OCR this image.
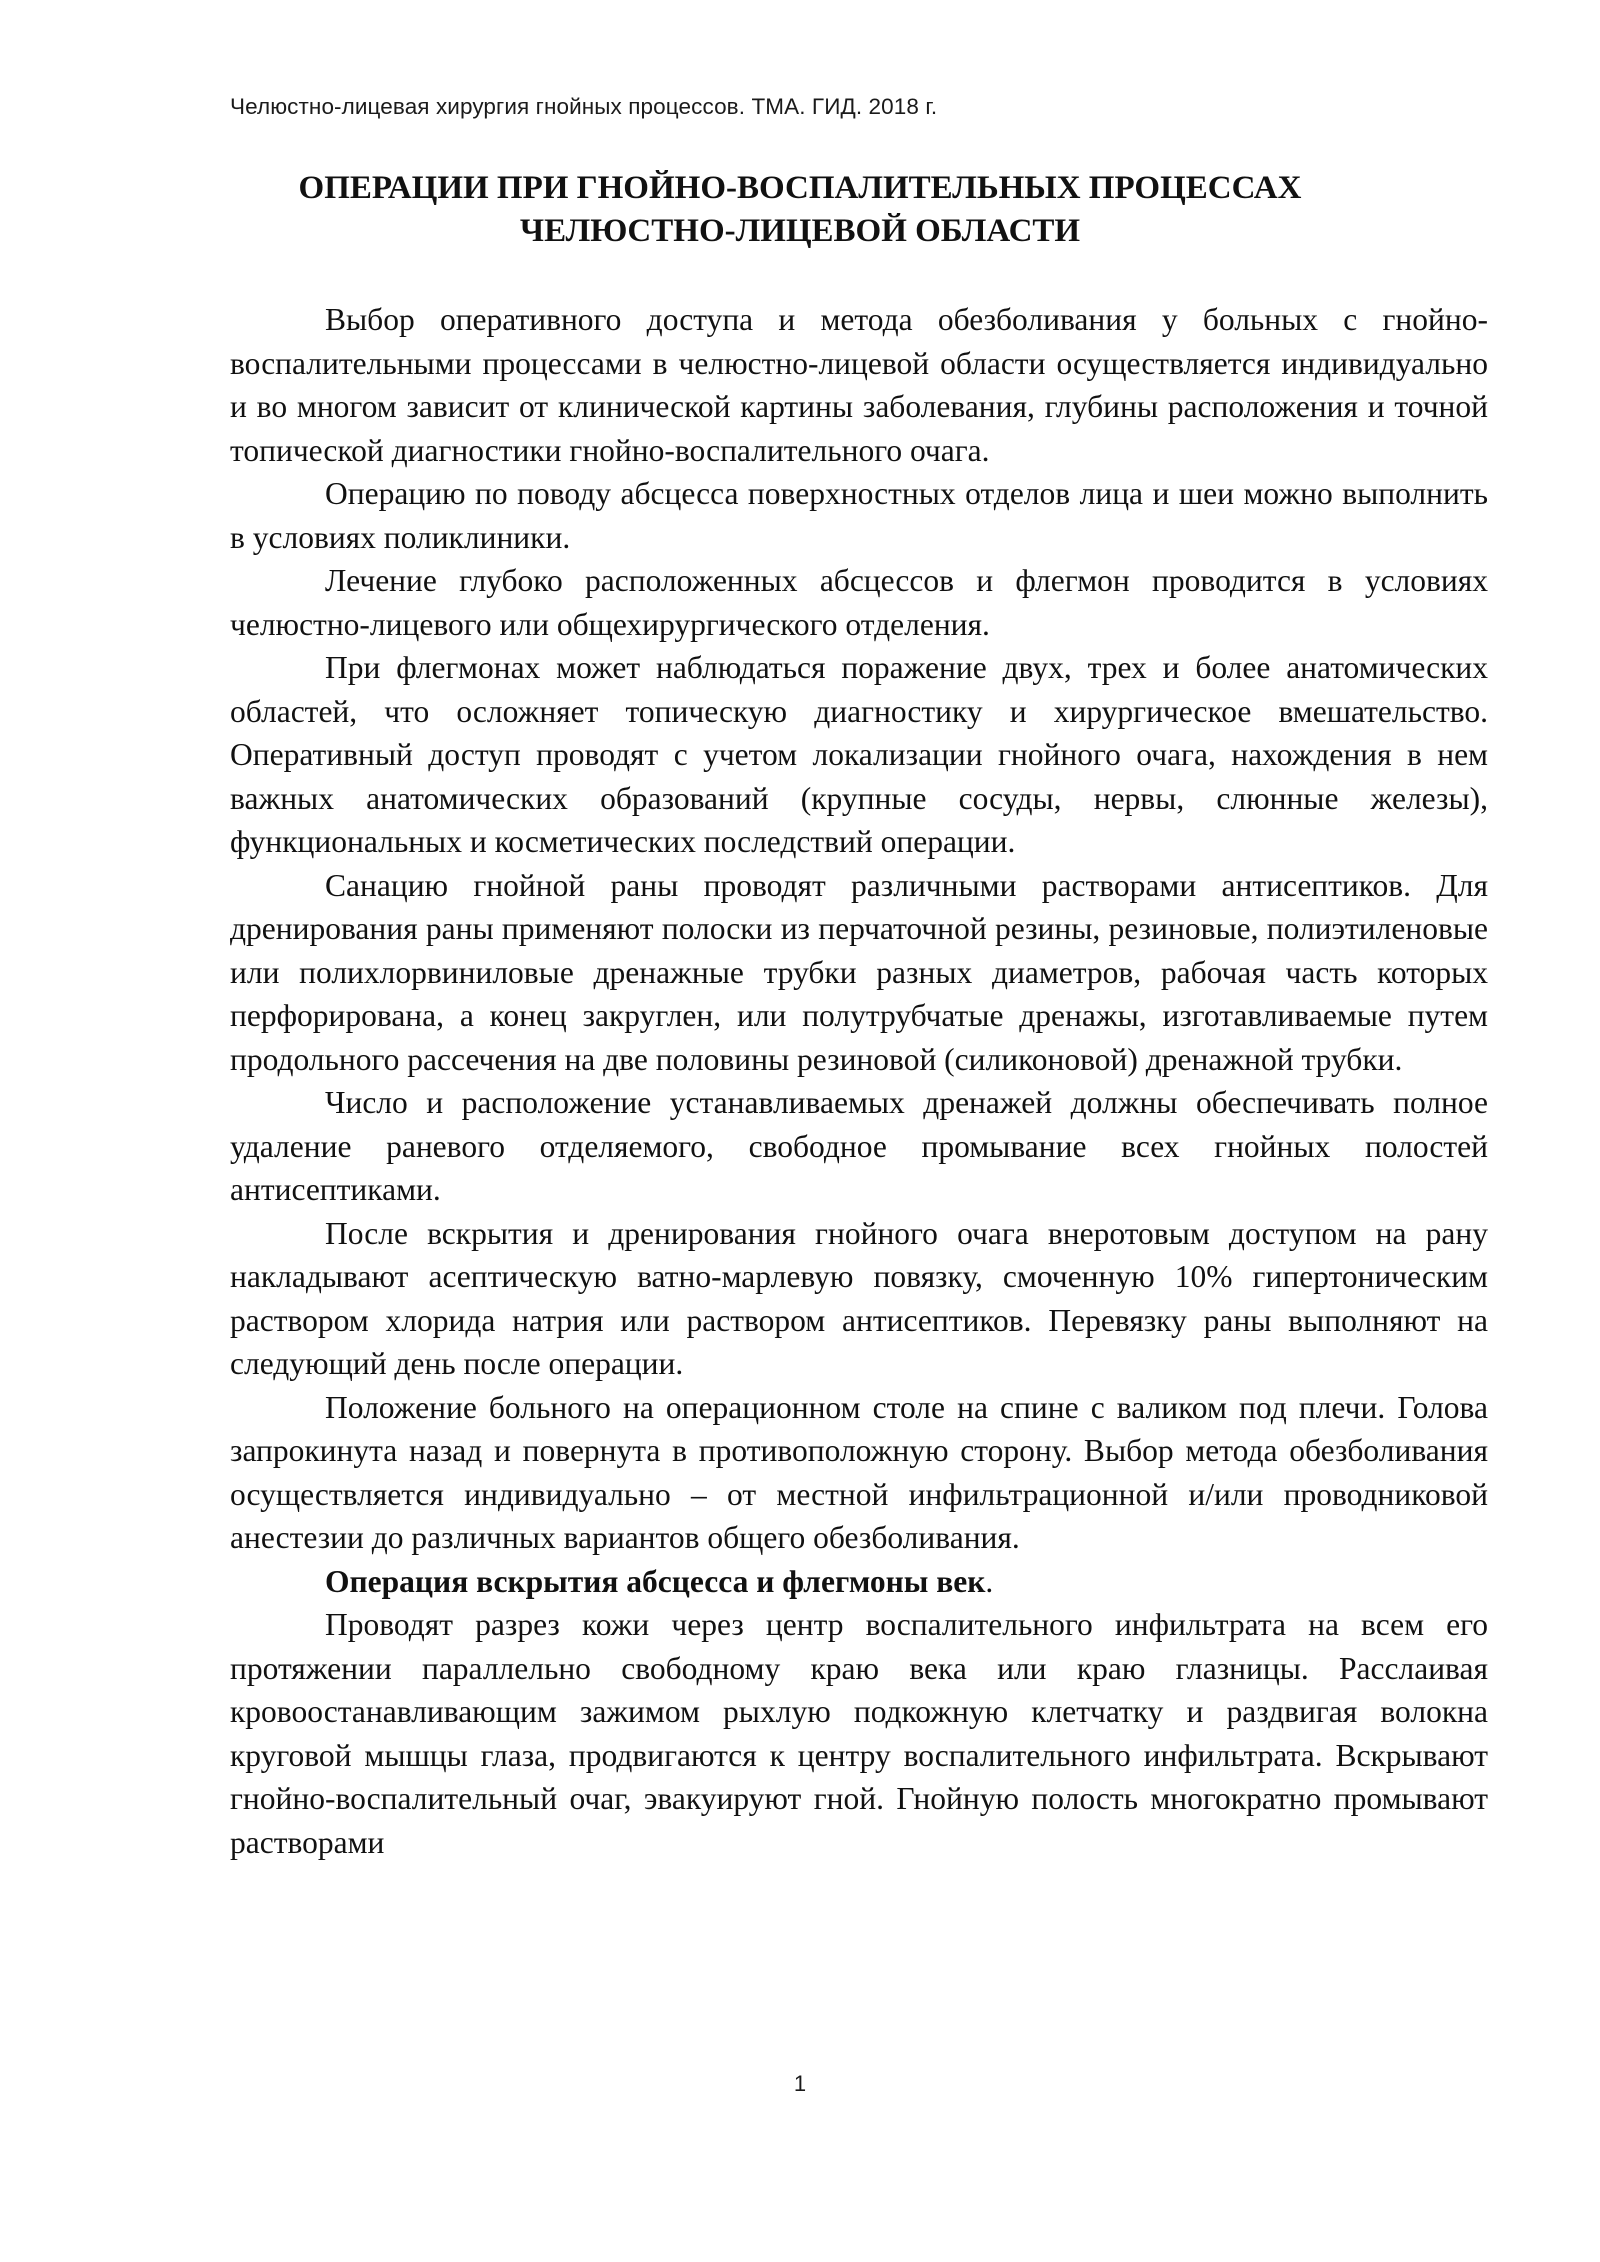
Челюстно-лицевая хирургия гнойных процессов. ТМА. ГИД. 2018 г.
ОПЕРАЦИИ ПРИ ГНОЙНО-ВОСПАЛИТЕЛЬНЫХ ПРОЦЕССАХ
ЧЕЛЮСТНО-ЛИЦЕВОЙ ОБЛАСТИ

Выбор оперативного доступа и метода обезболивания у больных с гнойно-воспалительными процессами в челюстно-лицевой области осуществляется индивидуально и во многом зависит от клинической картины заболевания, глубины расположения и точной топической диагностики гнойно-воспалительного очага.

Операцию по поводу абсцесса поверхностных отделов лица и шеи можно выполнить в условиях поликлиники.

Лечение глубоко расположенных абсцессов и флегмон проводится в условиях челюстно-лицевого или общехирургического отделения.

При флегмонах может наблюдаться поражение двух, трех и более анатомических областей, что осложняет топическую диагностику и хирургическое вмешательство. Оперативный доступ проводят с учетом локализации гнойного очага, нахождения в нем важных анатомических образований (крупные сосуды, нервы, слюнные железы), функциональных и косметических последствий операции.

Санацию гнойной раны проводят различными растворами антисептиков. Для дренирования раны применяют полоски из перчаточной резины, резиновые, полиэтиленовые или полихлорвиниловые дренажные трубки разных диаметров, рабочая часть которых перфорирована, а конец закруглен, или полутрубчатые дренажы, изготавливаемые путем продольного рассечения на две половины резиновой (силиконовой) дренажной трубки.

Число и расположение устанавливаемых дренажей должны обеспечивать полное удаление раневого отделяемого, свободное промывание всех гнойных полостей антисептиками.

После вскрытия и дренирования гнойного очага внеротовым доступом на рану накладывают асептическую ватно-марлевую повязку, смоченную 10% гипертоническим раствором хлорида натрия или раствором антисептиков. Перевязку раны выполняют на следующий день после операции.

Положение больного на операционном столе на спине с валиком под плечи. Голова запрокинута назад и повернута в противоположную сторону. Выбор метода обезболивания осуществляется индивидуально – от местной инфильтрационной и/или проводниковой анестезии до различных вариантов общего обезболивания.

Операция вскрытия абсцесса и флегмоны век.

Проводят разрез кожи через центр воспалительного инфильтрата на всем его протяжении параллельно свободному краю века или краю глазницы. Расслаивая кровоостанавливающим зажимом рыхлую подкожную клетчатку и раздвигая волокна круговой мышцы глаза, продвигаются к центру воспалительного инфильтрата. Вскрывают гнойно-воспалительный очаг, эвакуируют гной. Гнойную полость многократно промывают растворами

1
